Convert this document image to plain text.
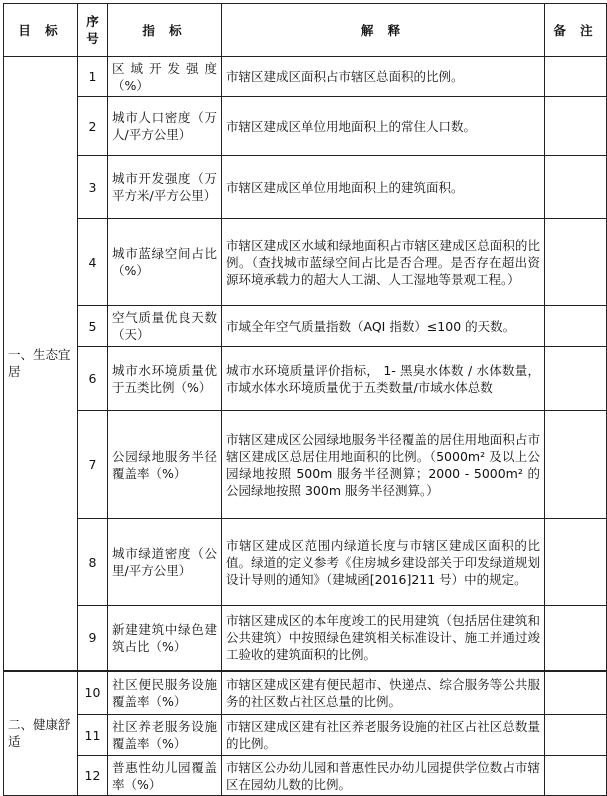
目 标	序号	指 标	解 释	备 注
一、生态宜居	1	区域开发强度（%）	市辖区建成区面积占市辖区总面积的比例。	
	2	城市人口密度（万人/平方公里）	市辖区建成区单位用地面积上的常住人口数。	
	3	城市开发强度（万平方米/平方公里）	市辖区建成区单位用地面积上的建筑面积。	
	4	城市蓝绿空间占比（%）	市辖区建成区水域和绿地面积占市辖区建成区总面积的比例。（查找城市蓝绿空间占比是否合理。是否存在超出资源环境承载力的超大人工湖、人工湿地等景观工程。）	
	5	空气质量优良天数（天）	市域全年空气质量指数（AQI 指数）≤100 的天数。	
	6	城市水环境质量优于五类比例（%）	城市水环境质量评价指标， 1- 黑臭水体数 / 水体数量，市域水体水环境质量优于五类数量/市域水体总数	
	7	公园绿地服务半径覆盖率（%）	市辖区建成区公园绿地服务半径覆盖的居住用地面积占市辖区建成区总居住用地面积的比例。（5000m² 及以上公园绿地按照 500m 服务半径测算；2000 - 5000m² 的公园绿地按照 300m 服务半径测算。）	
	8	城市绿道密度（公里/平方公里）	市辖区建成区范围内绿道长度与市辖区建成区面积的比值。绿道的定义参考《住房城乡建设部关于印发绿道规划设计导则的通知》（建城函[2016]211 号）中的规定。	
	9	新建建筑中绿色建筑占比（%）	市辖区建成区的本年度竣工的民用建筑（包括居住建筑和公共建筑）中按照绿色建筑相关标准设计、施工并通过竣工验收的建筑面积的比例。	
二、健康舒适	10	社区便民服务设施覆盖率（%）	市辖区建成区建有便民超市、快递点、综合服务等公共服务的社区数占社区总量的比例。	
	11	社区养老服务设施覆盖率（%）	市辖区建成区建有社区养老服务设施的社区占社区总数量的比例。	
	12	普惠性幼儿园覆盖率（%）	市辖区公办幼儿园和普惠性民办幼儿园提供学位数占市辖区在园幼儿数的比例。	
